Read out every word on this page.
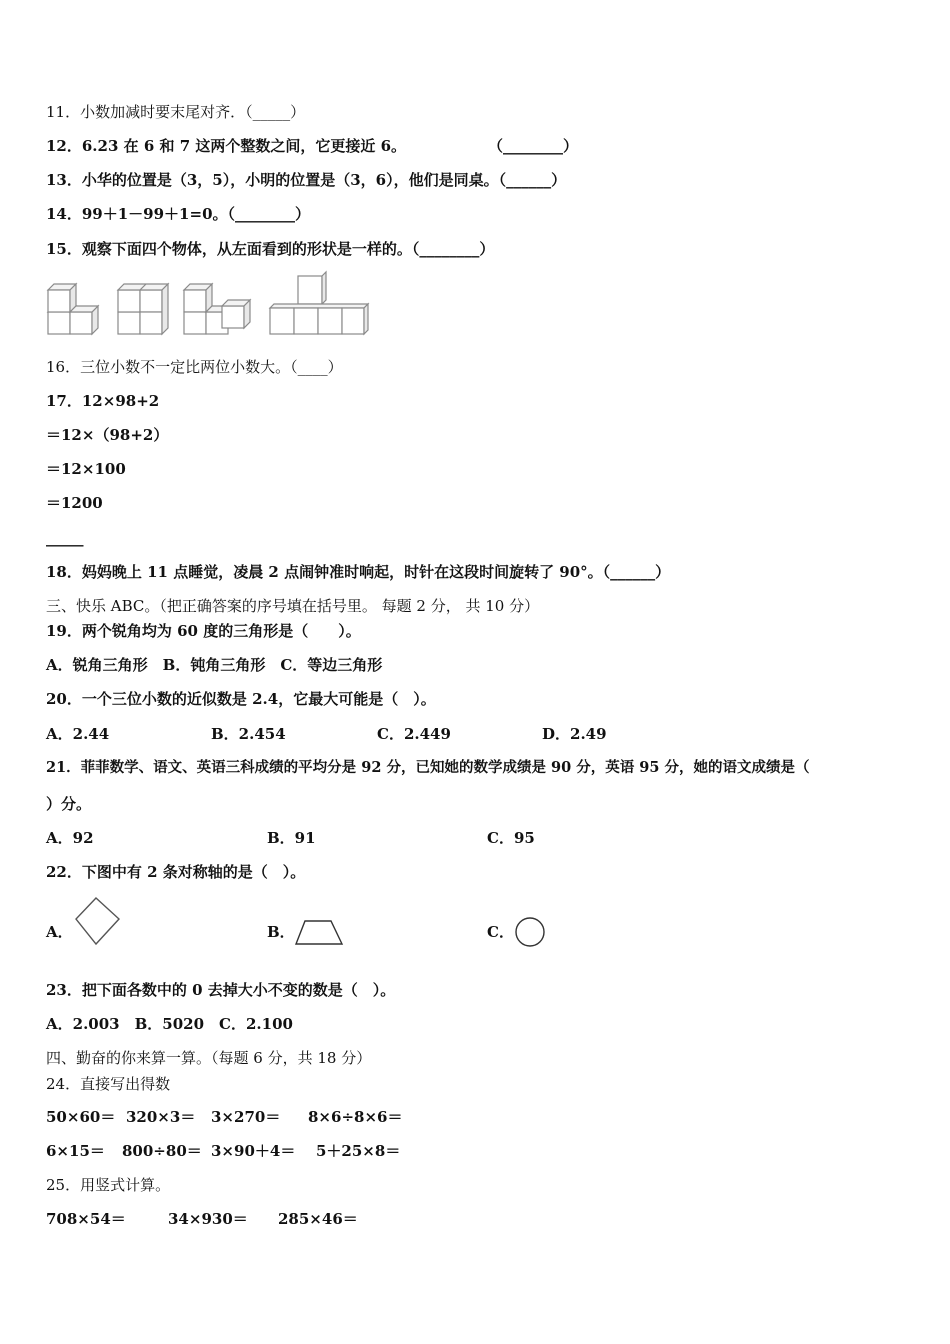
11．小数加减时要末尾对齐．（_____）
12．6.23 在 6 和 7 这两个整数之间，它更接近 6。	（________）
13．小华的位置是（3，5），小明的位置是（3，6），他们是同桌。（______）
14．99＋1－99＋1=0。（________）
15．观察下面四个物体，从左面看到的形状是一样的。（________）
16．三位小数不一定比两位小数大。（____）
17．12×98+2
＝12×（98+2）
＝12×100
＝1200
_____
18．妈妈晚上 11 点睡觉，凌晨 2 点闹钟准时响起，时针在这段时间旋转了 90°。（______）
三、快乐 ABC。（把正确答案的序号填在括号里。 每题 2 分， 共 10 分）
19．两个锐角均为 60 度的三角形是（　　）。
A．锐角三角形　B．钝角三角形　C．等边三角形
20．一个三位小数的近似数是 2.4，它最大可能是（　）。
A．2.44	B．2.454	C．2.449	D．2.49
21．菲菲数学、语文、英语三科成绩的平均分是 92 分，已知她的数学成绩是 90 分，英语 95 分，她的语文成绩是（
）分。
A．92	B．91	C．95
22．下图中有 2 条对称轴的是（　）。
A．	B．	C．
23．把下面各数中的 0 去掉大小不变的数是（　）。
A．2.003　B．5020　C．2.100
四、勤奋的你来算一算。（每题 6 分，共 18 分）
24．直接写出得数
50×60＝ 320×3＝ 3×270＝ 8×6÷8×6＝
6×15＝ 800÷80＝ 3×90＋4＝ 5＋25×8＝
25．用竖式计算。
708×54＝	34×930＝ 285×46＝
